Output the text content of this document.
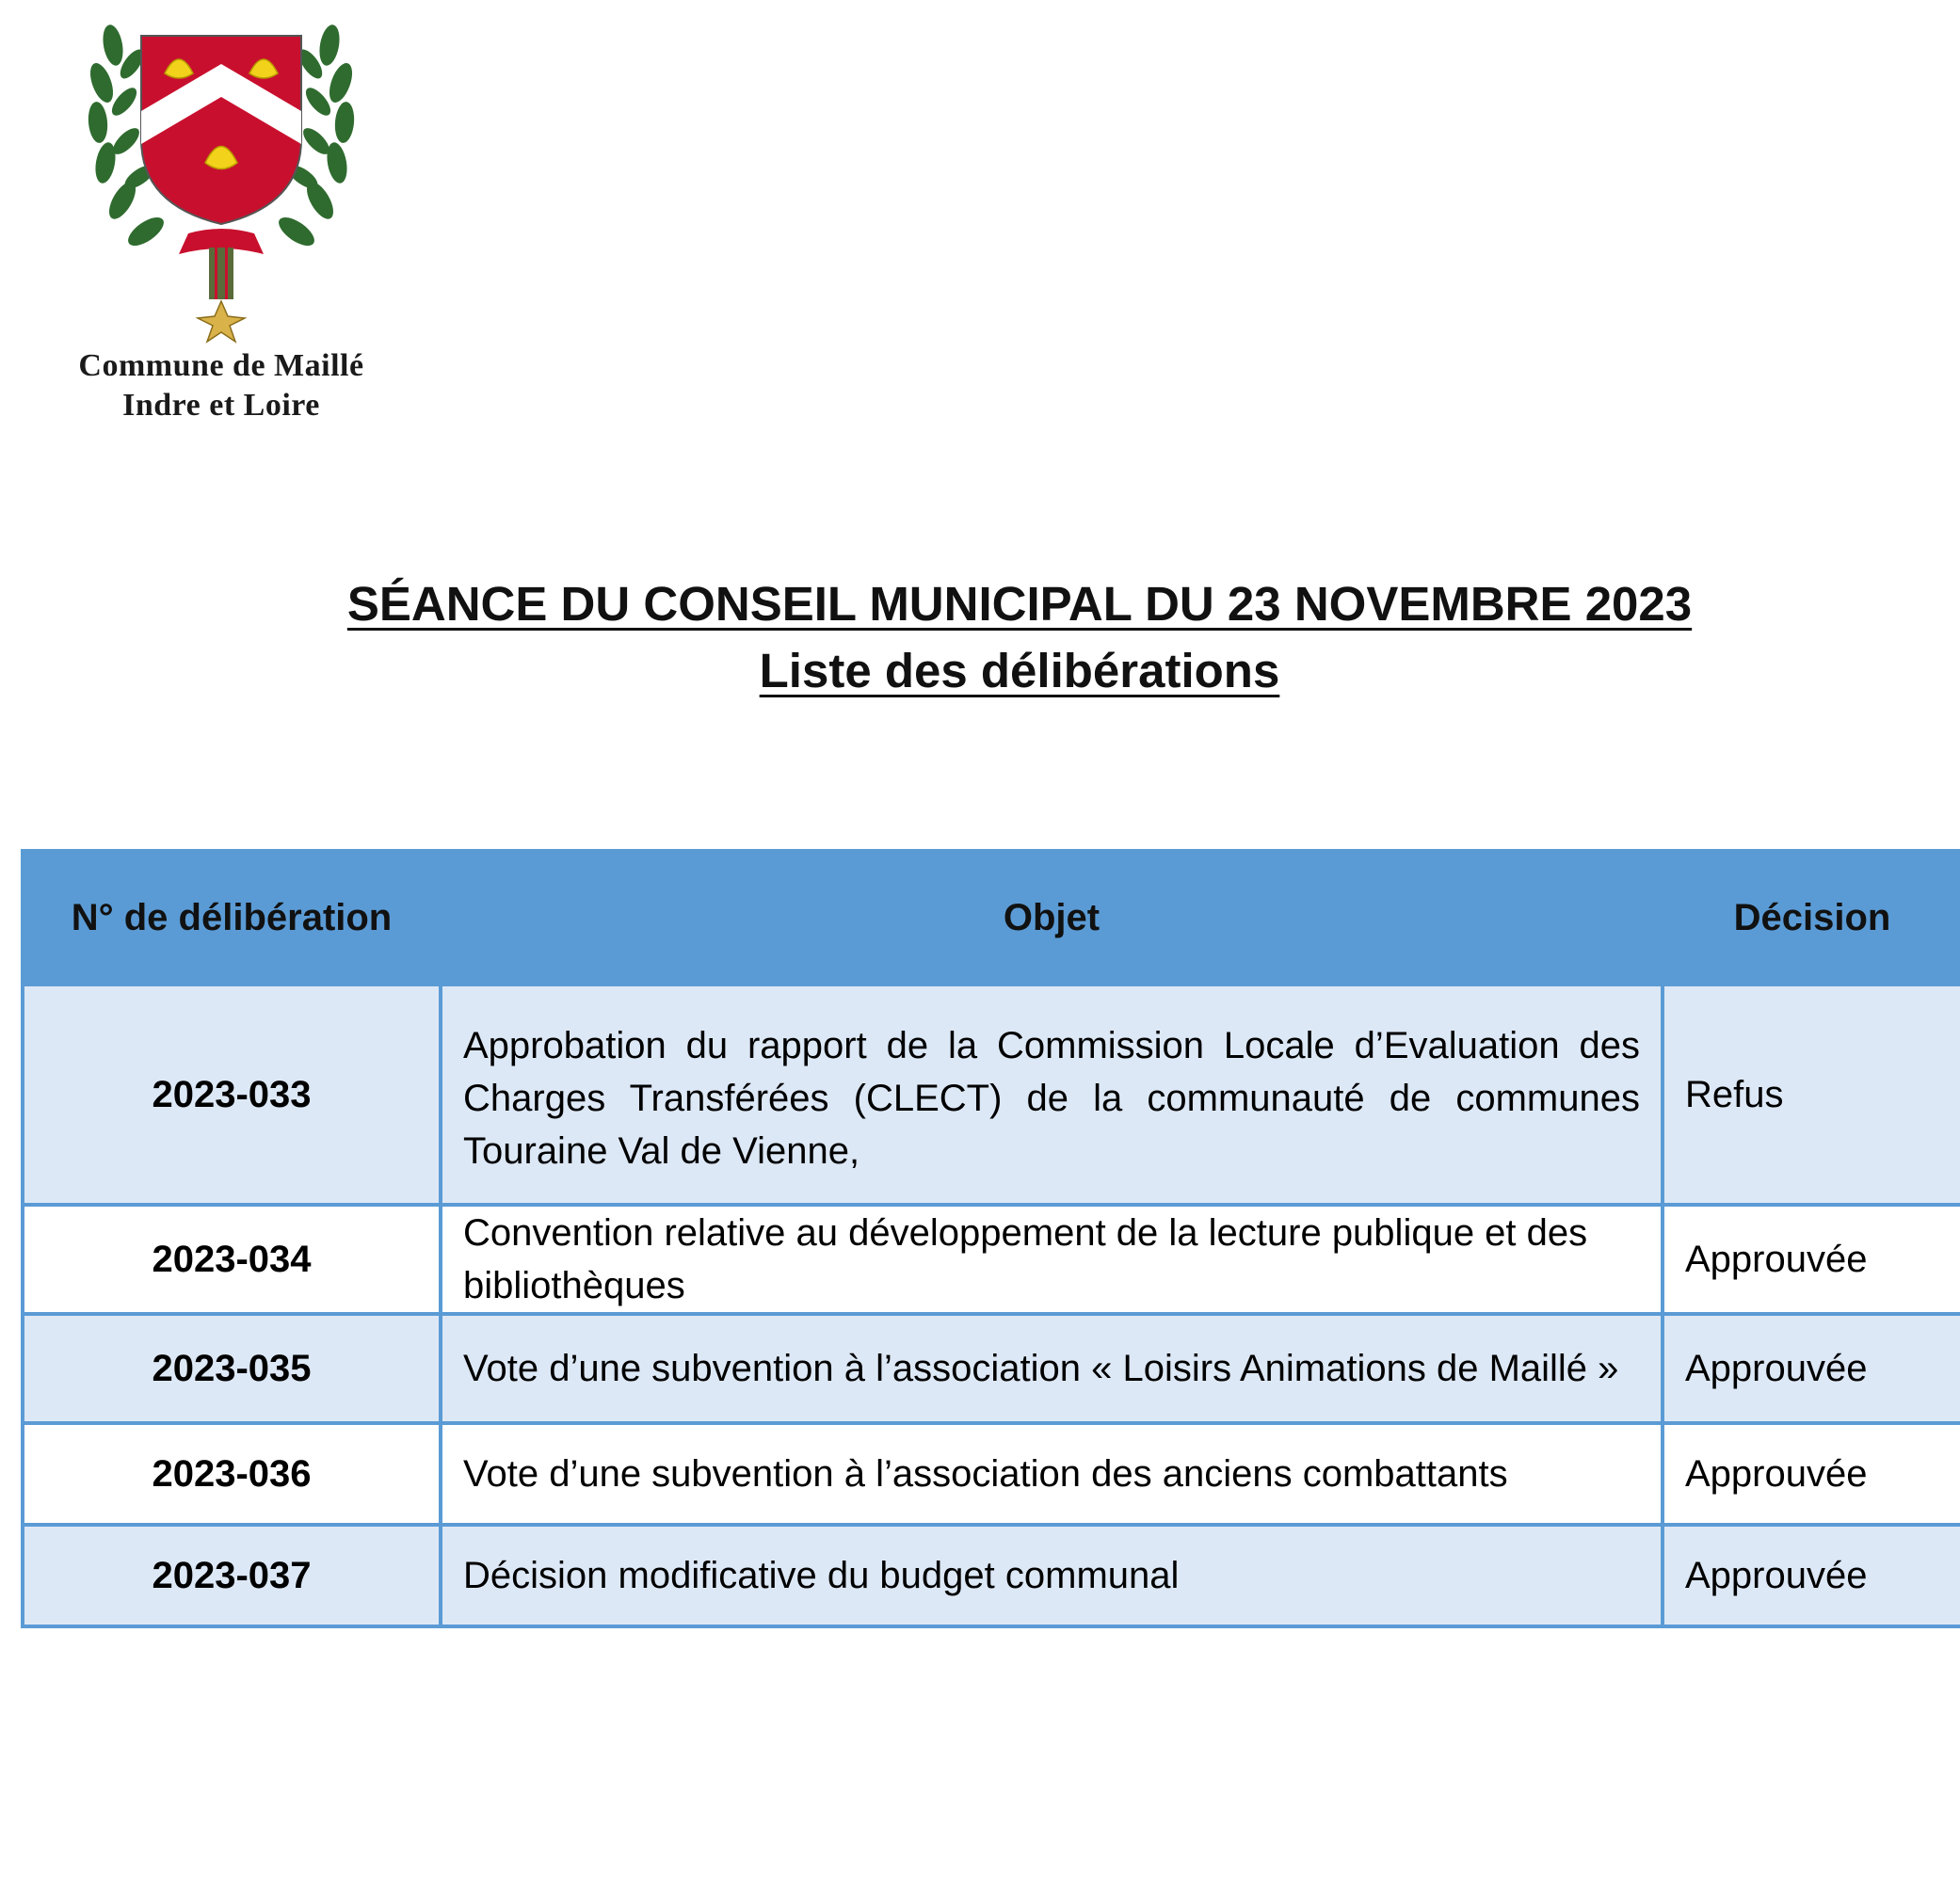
Commune de Maillé
Indre et Loire
SÉANCE DU CONSEIL MUNICIPAL DU 23 NOVEMBRE 2023
Liste des délibérations
N° de délibération	Objet	Décision
2023-033	Approbation du rapport de la Commission Locale d’Evaluation des Charges Transférées (CLECT) de la communauté de communes Touraine Val de Vienne,	Refus
2023-034	Convention relative au développement de la lecture publique et des bibliothèques	Approuvée
2023-035	Vote d’une subvention à l’association « Loisirs Animations de Maillé »	Approuvée
2023-036	Vote d’une subvention à l’association des anciens combattants	Approuvée
2023-037	Décision modificative du budget communal	Approuvée
